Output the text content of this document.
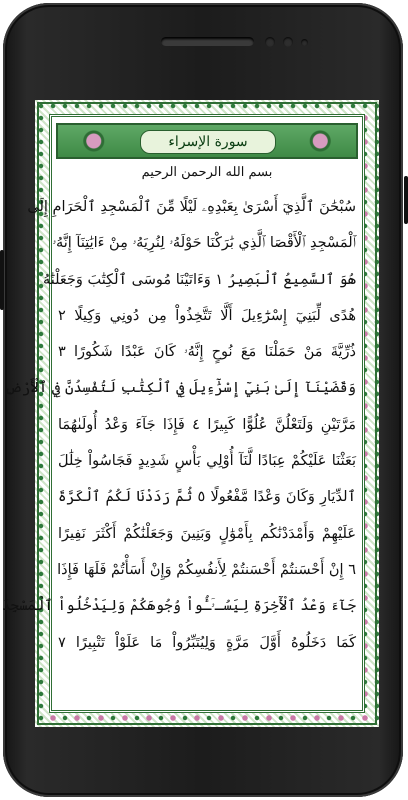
سورة الإسراء
بسم الله الرحمن الرحيم
سُبْحَٰنَ ٱلَّذِيٓ أَسْرَىٰ بِعَبْدِهِۦ لَيْلًا مِّنَ ٱلْمَسْجِدِ ٱلْحَرَامِ إِلَى
ٱلْمَسْجِدِ ٱلْأَقْصَا ٱلَّذِي بَٰرَكْنَا حَوْلَهُۥ لِنُرِيَهُۥ مِنْ ءَايَٰتِنَآ إِنَّهُۥ
هُوَ ٱلسَّمِيعُ ٱلْبَصِيرُ ١ وَءَاتَيْنَا مُوسَى ٱلْكِتَٰبَ وَجَعَلْنَٰهُ
هُدًى لِّبَنِيٓ إِسْرَٰٓءِيلَ أَلَّا تَتَّخِذُواْ مِن دُونِي وَكِيلًا ٢
ذُرِّيَّةَ مَنْ حَمَلْنَا مَعَ نُوحٍ إِنَّهُۥ كَانَ عَبْدًا شَكُورًا ٣
وَقَضَيْنَآ إِلَىٰ بَنِيٓ إِسْرَٰٓءِيلَ فِي ٱلْكِتَٰبِ لَتُفْسِدُنَّ فِي ٱلْأَرْضِ
مَرَّتَيْنِ وَلَتَعْلُنَّ عُلُوًّا كَبِيرًا ٤ فَإِذَا جَآءَ وَعْدُ أُولَىٰهُمَا
بَعَثْنَا عَلَيْكُمْ عِبَادًا لَّنَآ أُوْلِي بَأْسٍ شَدِيدٍ فَجَاسُواْ خِلَٰلَ
ٱلدِّيَارِ وَكَانَ وَعْدًا مَّفْعُولًا ٥ ثُمَّ رَدَدْنَا لَكُمُ ٱلْكَرَّةَ
عَلَيْهِمْ وَأَمْدَدْنَٰكُم بِأَمْوَٰلٍ وَبَنِينَ وَجَعَلْنَٰكُمْ أَكْثَرَ نَفِيرًا
٦ إِنْ أَحْسَنتُمْ أَحْسَنتُمْ لِأَنفُسِكُمْ وَإِنْ أَسَأْتُمْ فَلَهَا فَإِذَا
جَآءَ وَعْدُ ٱلْأٓخِرَةِ لِيَسُـۥٓـُٔواْ وُجُوهَكُمْ وَلِيَدْخُلُواْ ٱلْمَسْجِدَ
كَمَا دَخَلُوهُ أَوَّلَ مَرَّةٍ وَلِيُتَبِّرُواْ مَا عَلَوْاْ تَتْبِيرًا ٧
